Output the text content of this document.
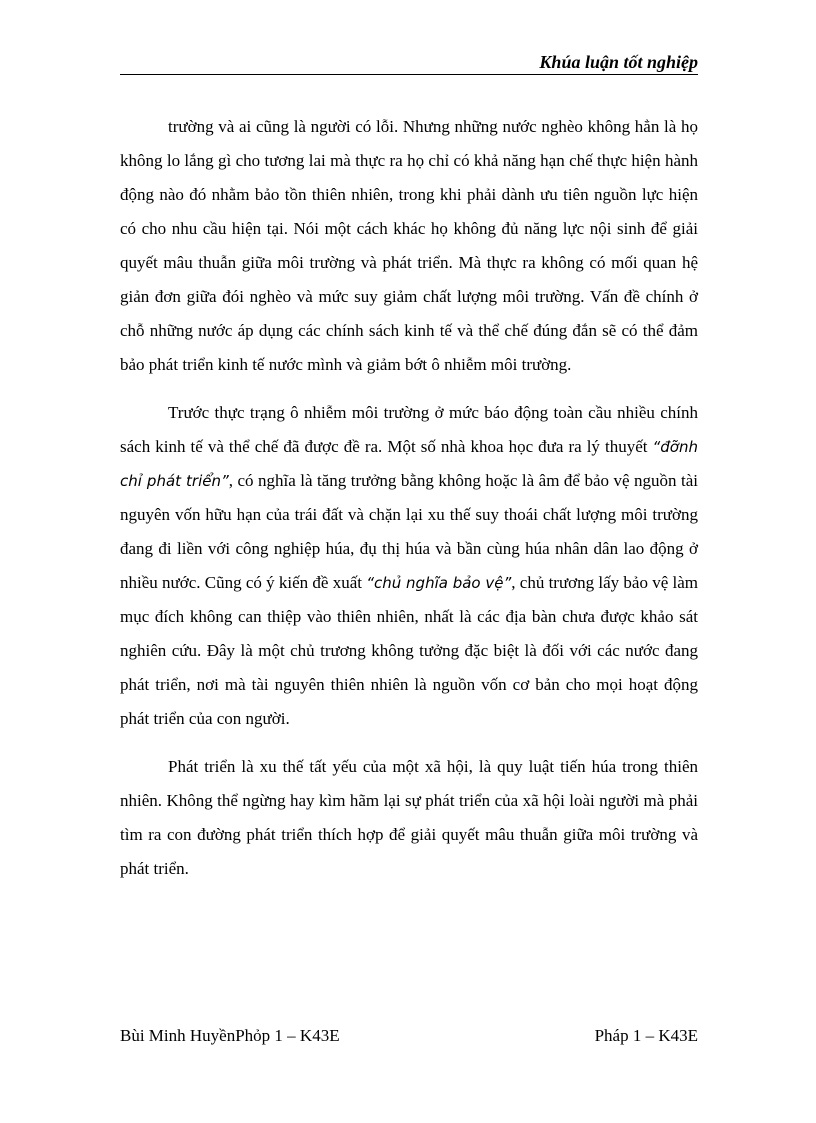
Khúa luận tốt nghiệp

trường và ai cũng là người có lỗi. Nhưng những nước nghèo không hẳn là họ không lo lắng gì cho tương lai mà thực ra họ chỉ có khả năng hạn chế thực hiện hành động nào đó nhằm bảo tồn thiên nhiên, trong khi phải dành ưu tiên nguồn lực hiện có cho nhu cầu hiện tại. Nói một cách khác họ không đủ năng lực nội sinh để giải quyết mâu thuẫn giữa môi trường và phát triển. Mà thực ra không có mối quan hệ giản đơn giữa đói nghèo và mức suy giảm chất lượng môi trường. Vấn đề chính ở chỗ những nước áp dụng các chính sách kinh tế và thể chế đúng đắn sẽ có thể đảm bảo phát triển kinh tế nước mình và giảm bớt ô nhiễm môi trường.

Trước thực trạng ô nhiễm môi trường ở mức báo động toàn cầu nhiều chính sách kinh tế và thể chế đã được đề ra. Một số nhà khoa học đưa ra lý thuyết “đỡnh chỉ phát triển”, có nghĩa là tăng trưởng bằng không hoặc là âm để bảo vệ nguồn tài nguyên vốn hữu hạn của trái đất và chặn lại xu thế suy thoái chất lượng môi trường đang đi liền với công nghiệp húa, đụ thị húa và bần cùng húa nhân dân lao động ở nhiều nước. Cũng có ý kiến đề xuất “chủ nghĩa bảo vệ”, chủ trương lấy bảo vệ làm mục đích không can thiệp vào thiên nhiên, nhất là các địa bàn chưa được khảo sát nghiên cứu. Đây là một chủ trương không tưởng đặc biệt là đối với các nước đang phát triển, nơi mà tài nguyên thiên nhiên là nguồn vốn cơ bản cho mọi hoạt động phát triển của con người.

Phát triển là xu thế tất yếu của một xã hội, là quy luật tiến húa trong thiên nhiên. Không thể ngừng hay kìm hãm lại sự phát triển của xã hội loài người mà phải tìm ra con đường phát triển thích hợp để giải quyết mâu thuẫn giữa môi trường và phát triển.

Bùi Minh HuyềnPhỏp 1 – K43E	Pháp 1 – K43E
